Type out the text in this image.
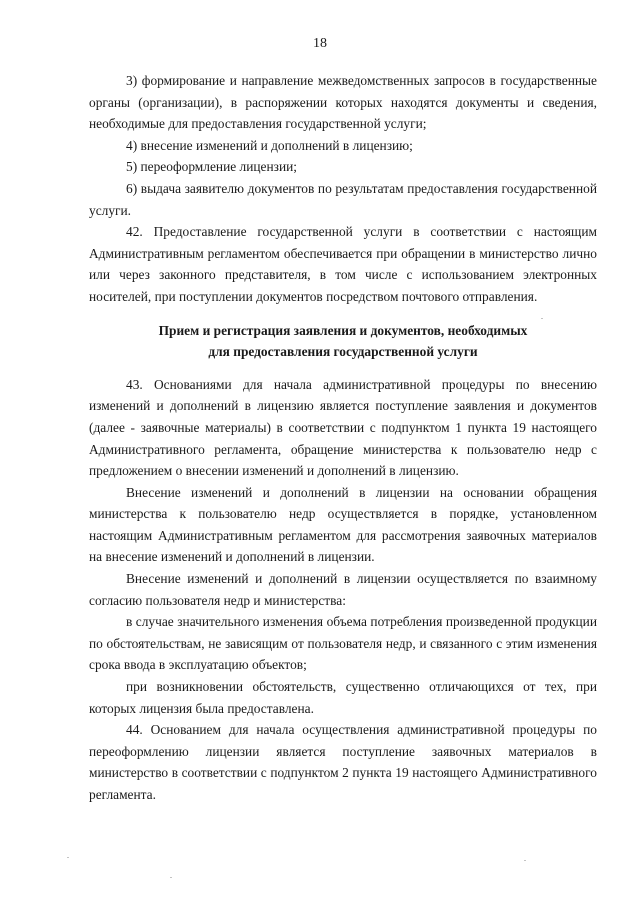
18

3) формирование и направление межведомственных запросов в государственные органы (организации), в распоряжении которых находятся документы и сведения, необходимые для предоставления государственной услуги;

4) внесение изменений и дополнений в лицензию;

5) переоформление лицензии;

6) выдача заявителю документов по результатам предоставления государственной услуги.

42. Предоставление государственной услуги в соответствии с настоящим Административным регламентом обеспечивается при обращении в министерство лично или через законного представителя, в том числе с использованием электронных носителей, при поступлении документов посредством почтового отправления.

Прием и регистрация заявления и документов, необходимых
для предоставления государственной услуги

43. Основаниями для начала административной процедуры по внесению изменений и дополнений в лицензию является поступление заявления и документов (далее - заявочные материалы) в соответствии с подпунктом 1 пункта 19 настоящего Административного регламента, обращение министерства к пользователю недр с предложением о внесении изменений и дополнений в лицензию.

Внесение изменений и дополнений в лицензии на основании обращения министерства к пользователю недр осуществляется в порядке, установленном настоящим Административным регламентом для рассмотрения заявочных материалов на внесение изменений и дополнений в лицензии.

Внесение изменений и дополнений в лицензии осуществляется по взаимному согласию пользователя недр и министерства:

в случае значительного изменения объема потребления произведенной продукции по обстоятельствам, не зависящим от пользователя недр, и связанного с этим изменения срока ввода в эксплуатацию объектов;

при возникновении обстоятельств, существенно отличающихся от тех, при которых лицензия была предоставлена.

44. Основанием для начала осуществления административной процедуры по переоформлению лицензии является поступление заявочных материалов в министерство в соответствии с подпунктом 2 пункта 19 настоящего Административного регламента.
